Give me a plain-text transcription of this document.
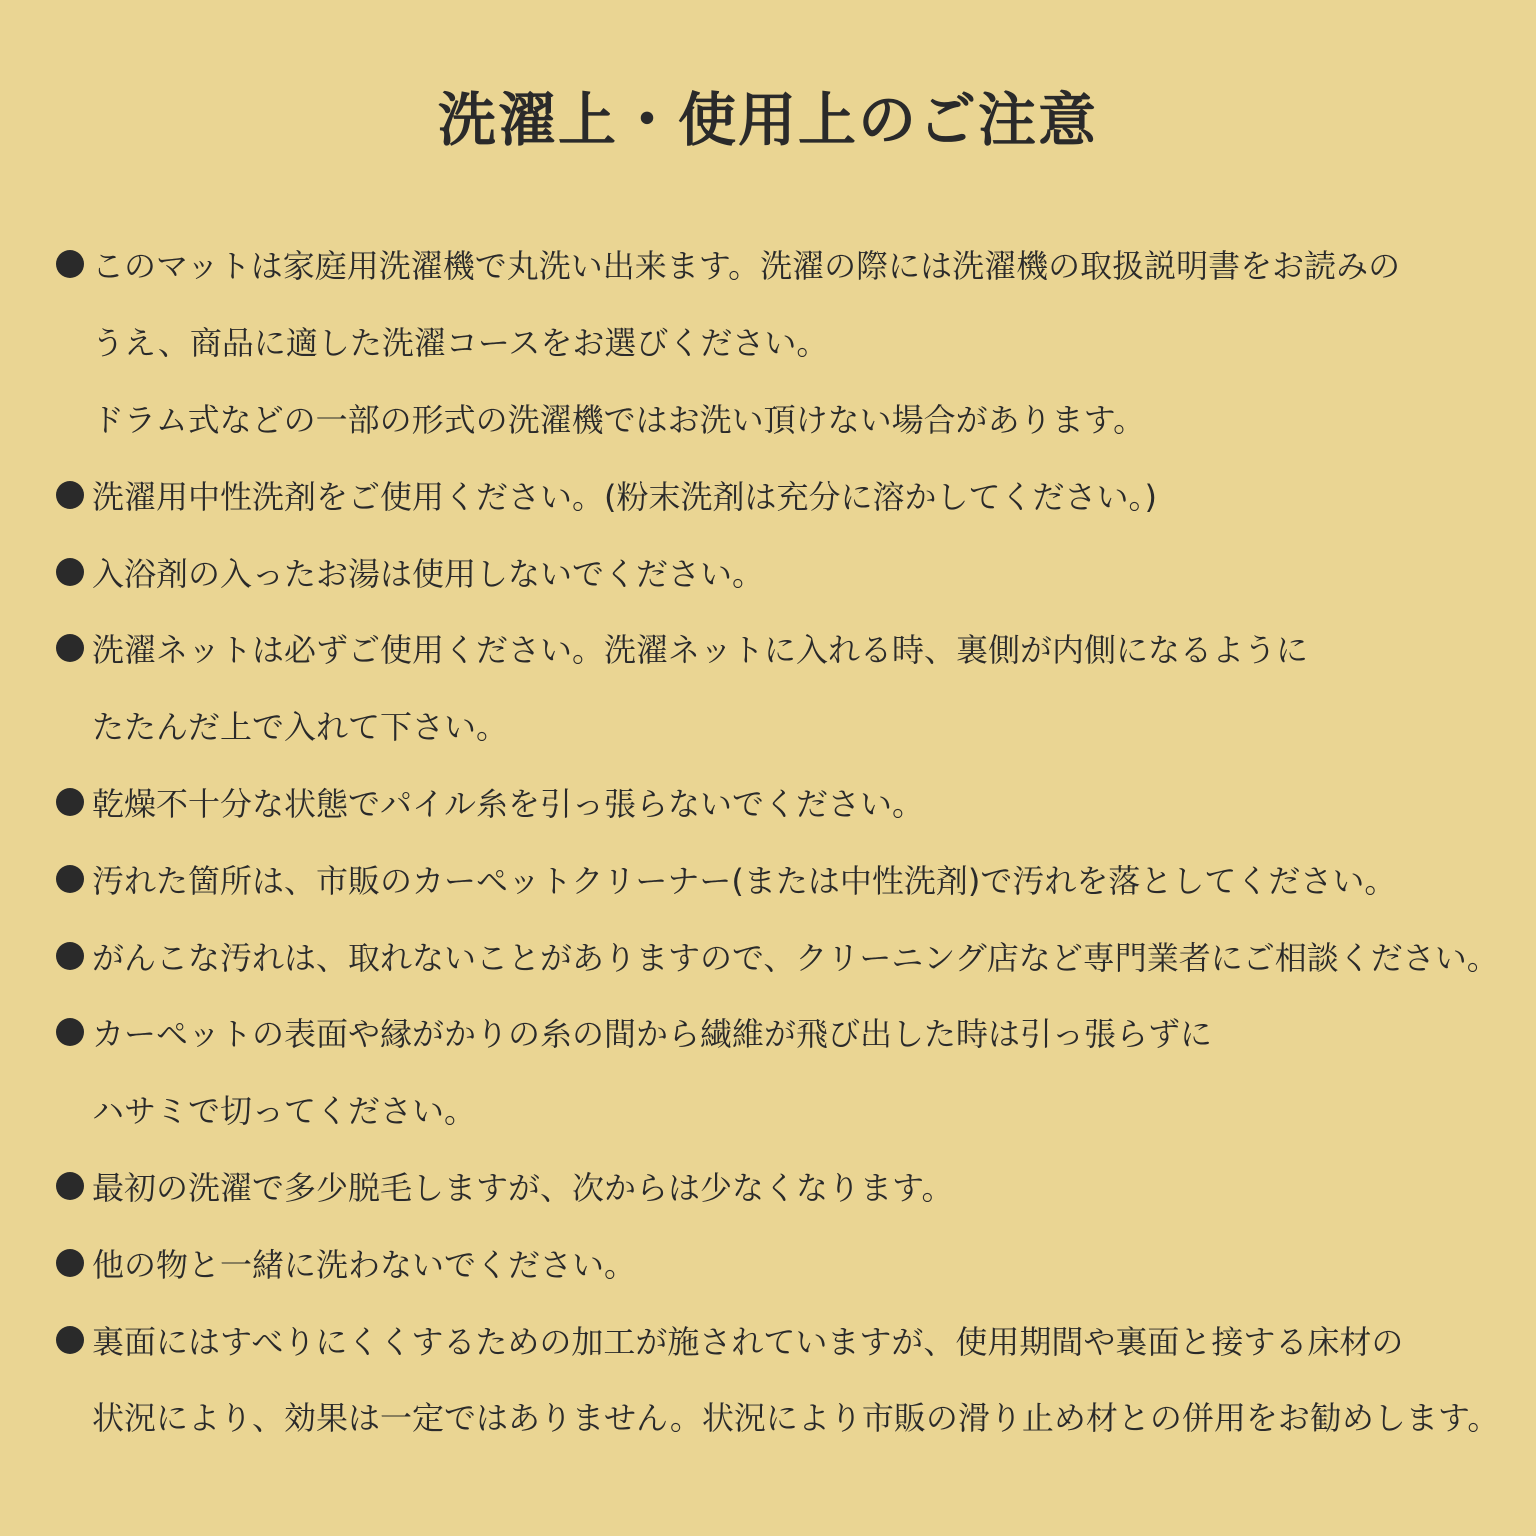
洗濯上・使用上のご注意
このマットは家庭用洗濯機で丸洗い出来ます。洗濯の際には洗濯機の取扱説明書をお読みの
うえ、商品に適した洗濯コースをお選びください。
ドラム式などの一部の形式の洗濯機ではお洗い頂けない場合があります。
洗濯用中性洗剤をご使用ください。(粉末洗剤は充分に溶かしてください。)
入浴剤の入ったお湯は使用しないでください。
洗濯ネットは必ずご使用ください。洗濯ネットに入れる時、裏側が内側になるように
たたんだ上で入れて下さい。
乾燥不十分な状態でパイル糸を引っ張らないでください。
汚れた箇所は、市販のカーペットクリーナー(または中性洗剤)で汚れを落としてください。
がんこな汚れは、取れないことがありますので、クリーニング店など専門業者にご相談ください。
カーペットの表面や縁がかりの糸の間から繊維が飛び出した時は引っ張らずに
ハサミで切ってください。
最初の洗濯で多少脱毛しますが、次からは少なくなります。
他の物と一緒に洗わないでください。
裏面にはすべりにくくするための加工が施されていますが、使用期間や裏面と接する床材の
状況により、効果は一定ではありません。状況により市販の滑り止め材との併用をお勧めします。
